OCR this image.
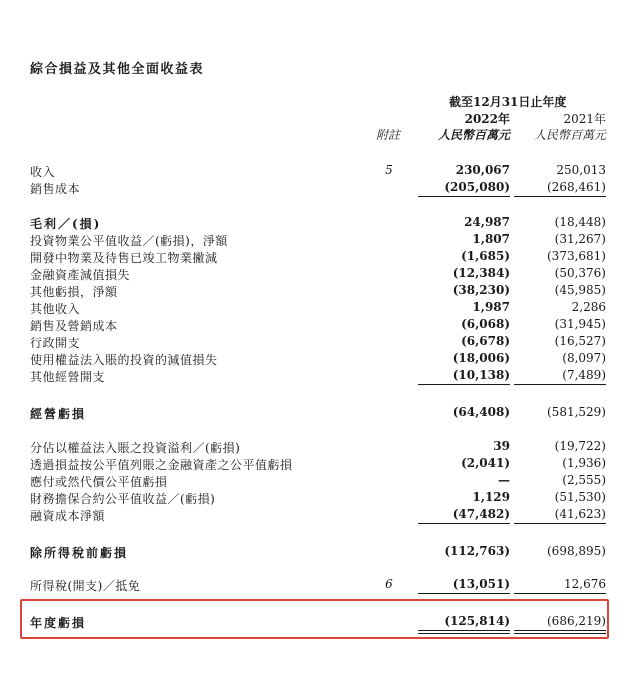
綜合損益及其他全面收益表
截至12月31日止年度
2022年	2021年
附註	人民幣百萬元 人民幣百萬元
收入	5	230,067	250,013
銷售成本	(205,080)	(268,461)
毛利／(損)	24,987	(18,448)
投資物業公平值收益／(虧損)，淨額	1,807	(31,267)
開發中物業及待售已竣工物業撇減	(1,685)	(373,681)
金融資產減值損失	(12,384)	(50,376)
其他虧損，淨額	(38,230)	(45,985)
其他收入	1,987	2,286
銷售及營銷成本	(6,068)	(31,945)
行政開支	(6,678)	(16,527)
使用權益法入賬的投資的減值損失	(18,006)	(8,097)
其他經營開支	(10,138)	(7,489)
經營虧損	(64,408)	(581,529)
分佔以權益法入賬之投資溢利／(虧損)	39	(19,722)
透過損益按公平值列賬之金融資產之公平值虧損	(2,041)	(1,936)
應付或然代價公平值虧損	—	(2,555)
財務擔保合約公平值收益／(虧損)	1,129	(51,530)
融資成本淨額	(47,482)	(41,623)
除所得稅前虧損	(112,763)	(698,895)
所得稅(開支)／抵免	6	(13,051)	12,676
年度虧損	(125,814)	(686,219)
